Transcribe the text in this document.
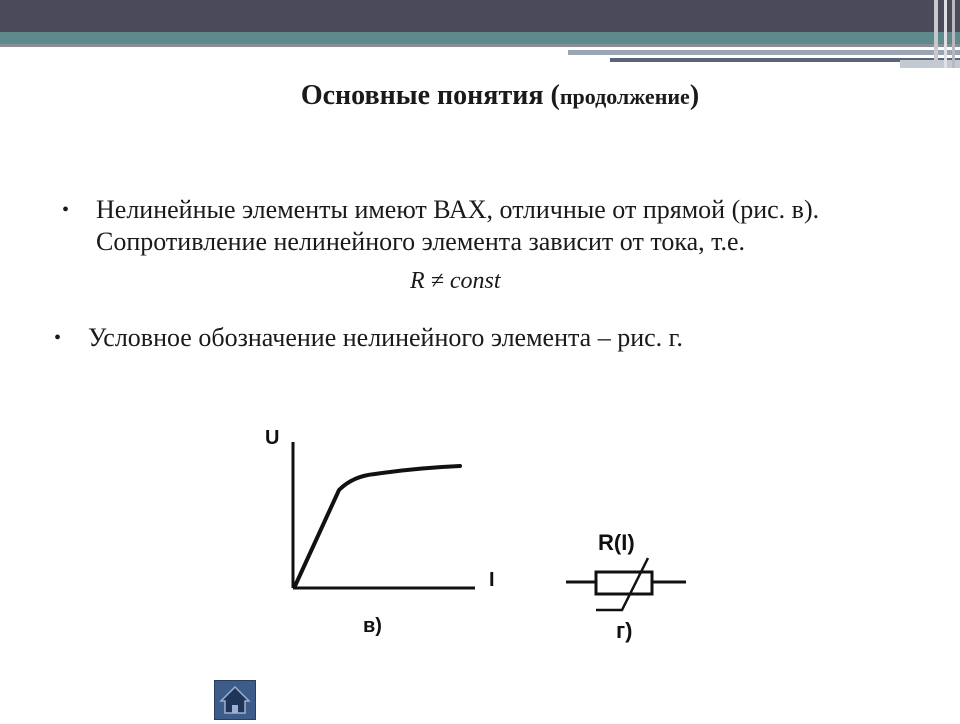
Основные понятия (продолжение)
• Нелинейные элементы имеют ВАХ, отличные от прямой (рис. в). Сопротивление нелинейного элемента зависит от тока, т.е.
R ≠ const
• Условное обозначение нелинейного элемента – рис. г.
U
I
в)
R(I)
г)
